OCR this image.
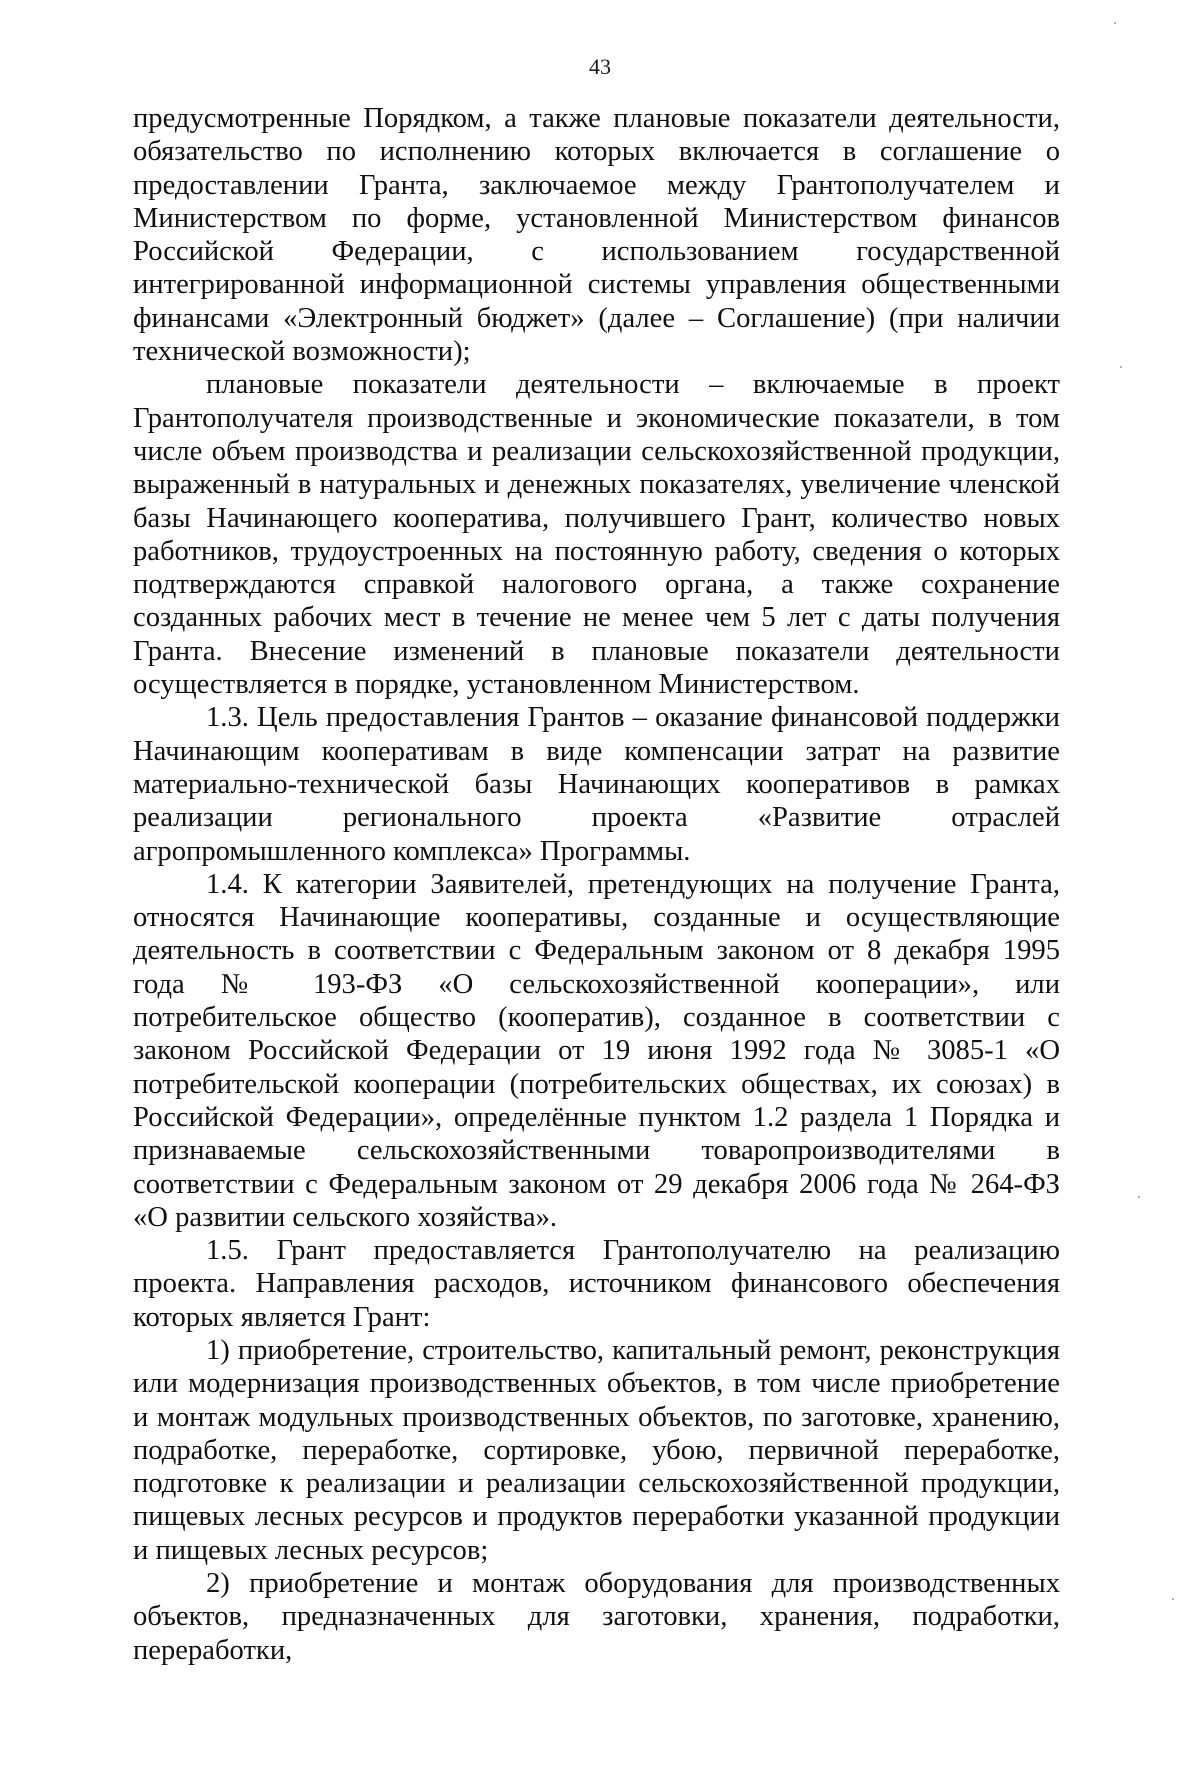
43

предусмотренные Порядком, а также плановые показатели деятельности, обязательство по исполнению которых включается в соглашение о предоставлении Гранта, заключаемое между Грантополучателем и Министерством по форме, установленной Министерством финансов Российской Федерации, с использованием государственной интегрированной информационной системы управления общественными финансами «Электронный бюджет» (далее – Соглашение) (при наличии технической возможности);

плановые показатели деятельности – включаемые в проект Грантополучателя производственные и экономические показатели, в том числе объем производства и реализации сельскохозяйственной продукции, выраженный в натуральных и денежных показателях, увеличение членской базы Начинающего кооператива, получившего Грант, количество новых работников, трудоустроенных на постоянную работу, сведения о которых подтверждаются справкой налогового органа, а также сохранение созданных рабочих мест в течение не менее чем 5 лет с даты получения Гранта. Внесение изменений в плановые показатели деятельности осуществляется в порядке, установленном Министерством.

1.3. Цель предоставления Грантов – оказание финансовой поддержки Начинающим кооперативам в виде компенсации затрат на развитие материально-технической базы Начинающих кооперативов в рамках реализации регионального проекта «Развитие отраслей агропромышленного комплекса» Программы.

1.4. К категории Заявителей, претендующих на получение Гранта, относятся Начинающие кооперативы, созданные и осуществляющие деятельность в соответствии с Федеральным законом от 8 декабря 1995 года № 193-ФЗ «О сельскохозяйственной кооперации», или потребительское общество (кооператив), созданное в соответствии с законом Российской Федерации от 19 июня 1992 года № 3085-1 «О потребительской кооперации (потребительских обществах, их союзах) в Российской Федерации», определённые пунктом 1.2 раздела 1 Порядка и признаваемые сельскохозяйственными товаропроизводителями в соответствии с Федеральным законом от 29 декабря 2006 года № 264-ФЗ «О развитии сельского хозяйства».

1.5. Грант предоставляется Грантополучателю на реализацию проекта. Направления расходов, источником финансового обеспечения которых является Грант:

1) приобретение, строительство, капитальный ремонт, реконструкция или модернизация производственных объектов, в том числе приобретение и монтаж модульных производственных объектов, по заготовке, хранению, подработке, переработке, сортировке, убою, первичной переработке, подготовке к реализации и реализации сельскохозяйственной продукции, пищевых лесных ресурсов и продуктов переработки указанной продукции и пищевых лесных ресурсов;

2) приобретение и монтаж оборудования для производственных объектов, предназначенных для заготовки, хранения, подработки, переработки,
